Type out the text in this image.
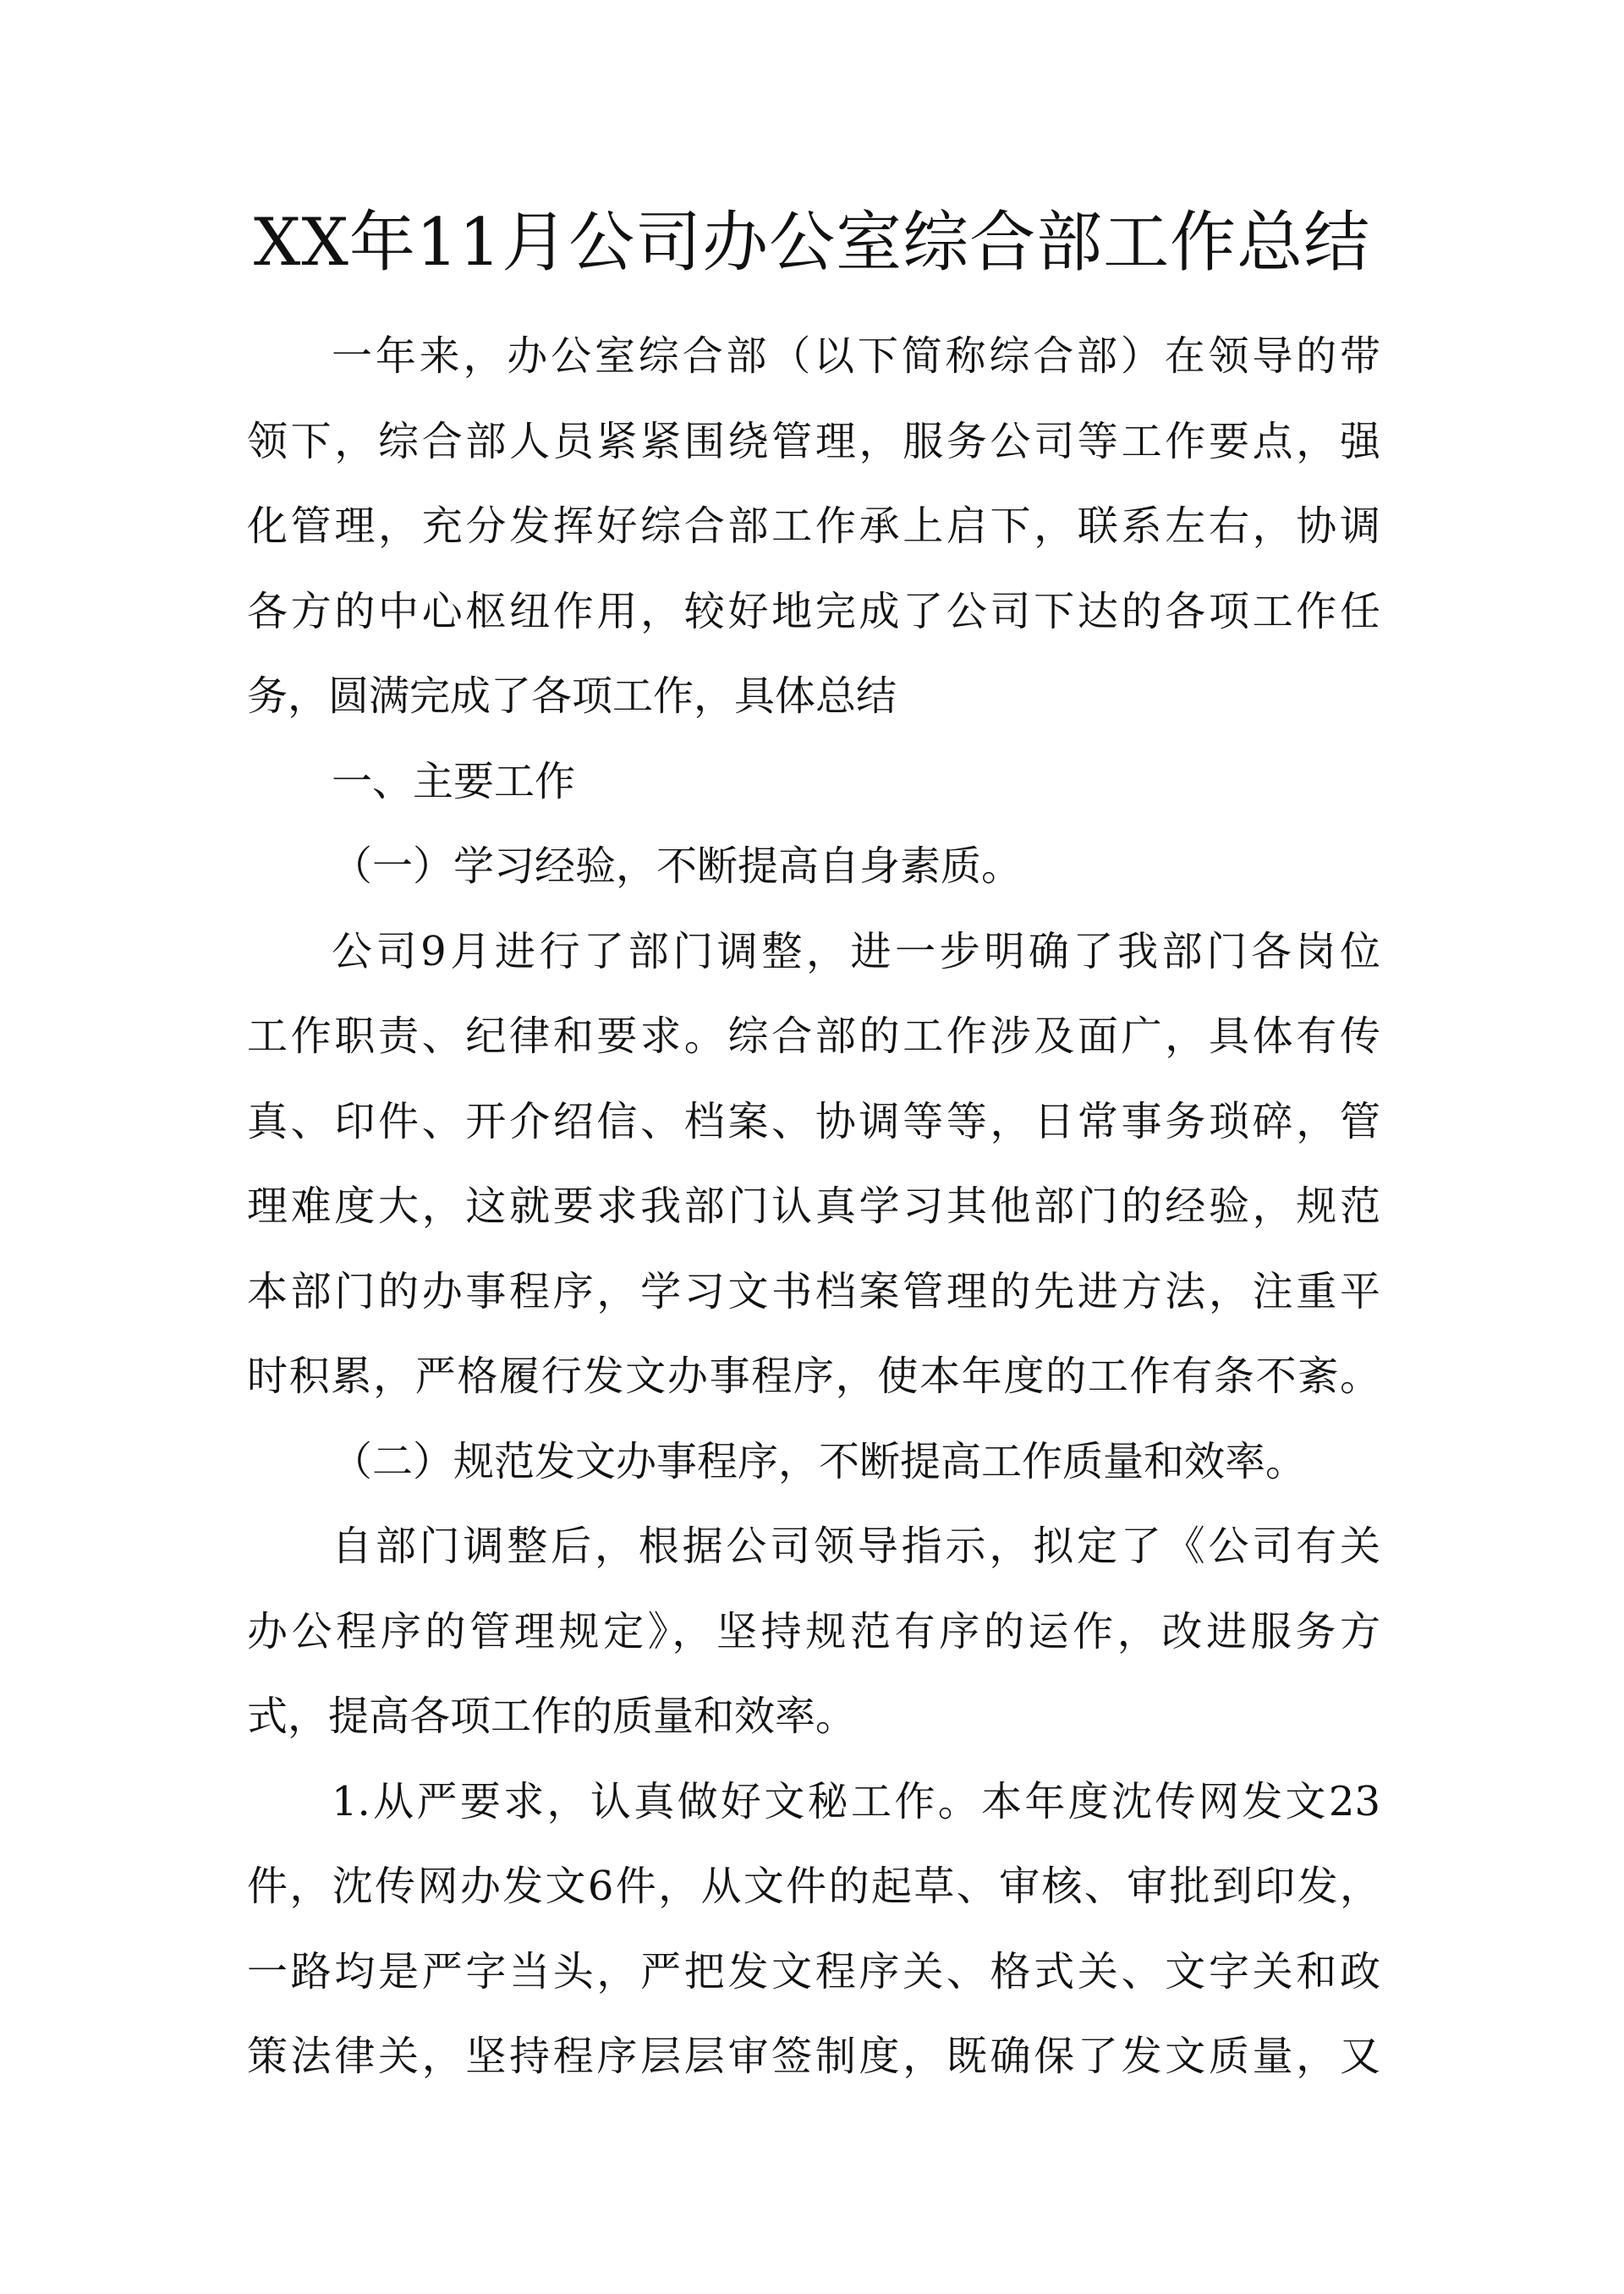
XX年11月公司办公室综合部工作总结
一年来，办公室综合部（以下简称综合部）在领导的带
领下，综合部人员紧紧围绕管理，服务公司等工作要点，强
化管理，充分发挥好综合部工作承上启下，联系左右，协调
各方的中心枢纽作用，较好地完成了公司下达的各项工作任
务，圆满完成了各项工作，具体总结
一、主要工作
（一）学习经验，不断提高自身素质。
公司9月进行了部门调整，进一步明确了我部门各岗位
工作职责、纪律和要求。综合部的工作涉及面广，具体有传
真、印件、开介绍信、档案、协调等等，日常事务琐碎，管
理难度大，这就要求我部门认真学习其他部门的经验，规范
本部门的办事程序，学习文书档案管理的先进方法，注重平
时积累，严格履行发文办事程序，使本年度的工作有条不紊。
（二）规范发文办事程序，不断提高工作质量和效率。
自部门调整后，根据公司领导指示，拟定了《公司有关
办公程序的管理规定》，坚持规范有序的运作，改进服务方
式，提高各项工作的质量和效率。
1.从严要求，认真做好文秘工作。本年度沈传网发文23
件，沈传网办发文6件，从文件的起草、审核、审批到印发，
一路均是严字当头，严把发文程序关、格式关、文字关和政
策法律关，坚持程序层层审签制度，既确保了发文质量，又
